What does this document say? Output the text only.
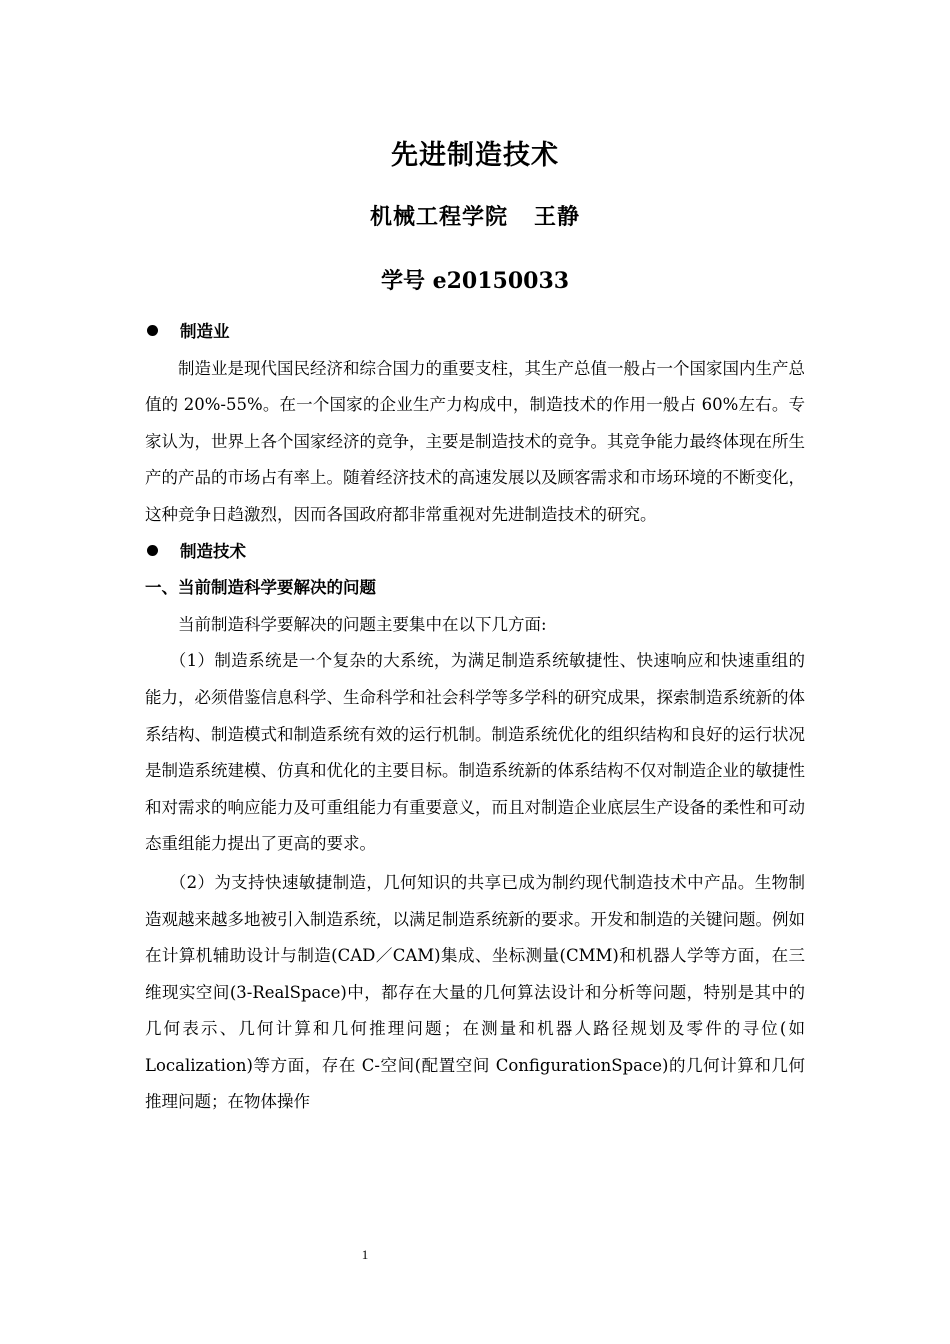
先进制造技术
机械工程学院 王静
学号 e20150033
制造业

制造业是现代国民经济和综合国力的重要支柱，其生产总值一般占一个国家国内生产总值的 20%-55%。在一个国家的企业生产力构成中，制造技术的作用一般占 60%左右。专家认为，世界上各个国家经济的竞争，主要是制造技术的竞争。其竞争能力最终体现在所生产的产品的市场占有率上。随着经济技术的高速发展以及顾客需求和市场环境的不断变化，这种竞争日趋激烈，因而各国政府都非常重视对先进制造技术的研究。

制造技术
一、当前制造科学要解决的问题

当前制造科学要解决的问题主要集中在以下几方面:

（1）制造系统是一个复杂的大系统，为满足制造系统敏捷性、快速响应和快速重组的能力，必须借鉴信息科学、生命科学和社会科学等多学科的研究成果，探索制造系统新的体系结构、制造模式和制造系统有效的运行机制。制造系统优化的组织结构和良好的运行状况是制造系统建模、仿真和优化的主要目标。制造系统新的体系结构不仅对制造企业的敏捷性和对需求的响应能力及可重组能力有重要意义，而且对制造企业底层生产设备的柔性和可动态重组能力提出了更高的要求。

（2）为支持快速敏捷制造，几何知识的共享已成为制约现代制造技术中产品。生物制造观越来越多地被引入制造系统，以满足制造系统新的要求。开发和制造的关键问题。例如在计算机辅助设计与制造(CAD／CAM)集成、坐标测量(CMM)和机器人学等方面，在三维现实空间(3-RealSpace)中，都存在大量的几何算法设计和分析等问题，特别是其中的几何表示、几何计算和几何推理问题；在测量和机器人路径规划及零件的寻位(如 Localization)等方面，存在 C-空间(配置空间 ConfigurationSpace)的几何计算和几何推理问题；在物体操作

1
